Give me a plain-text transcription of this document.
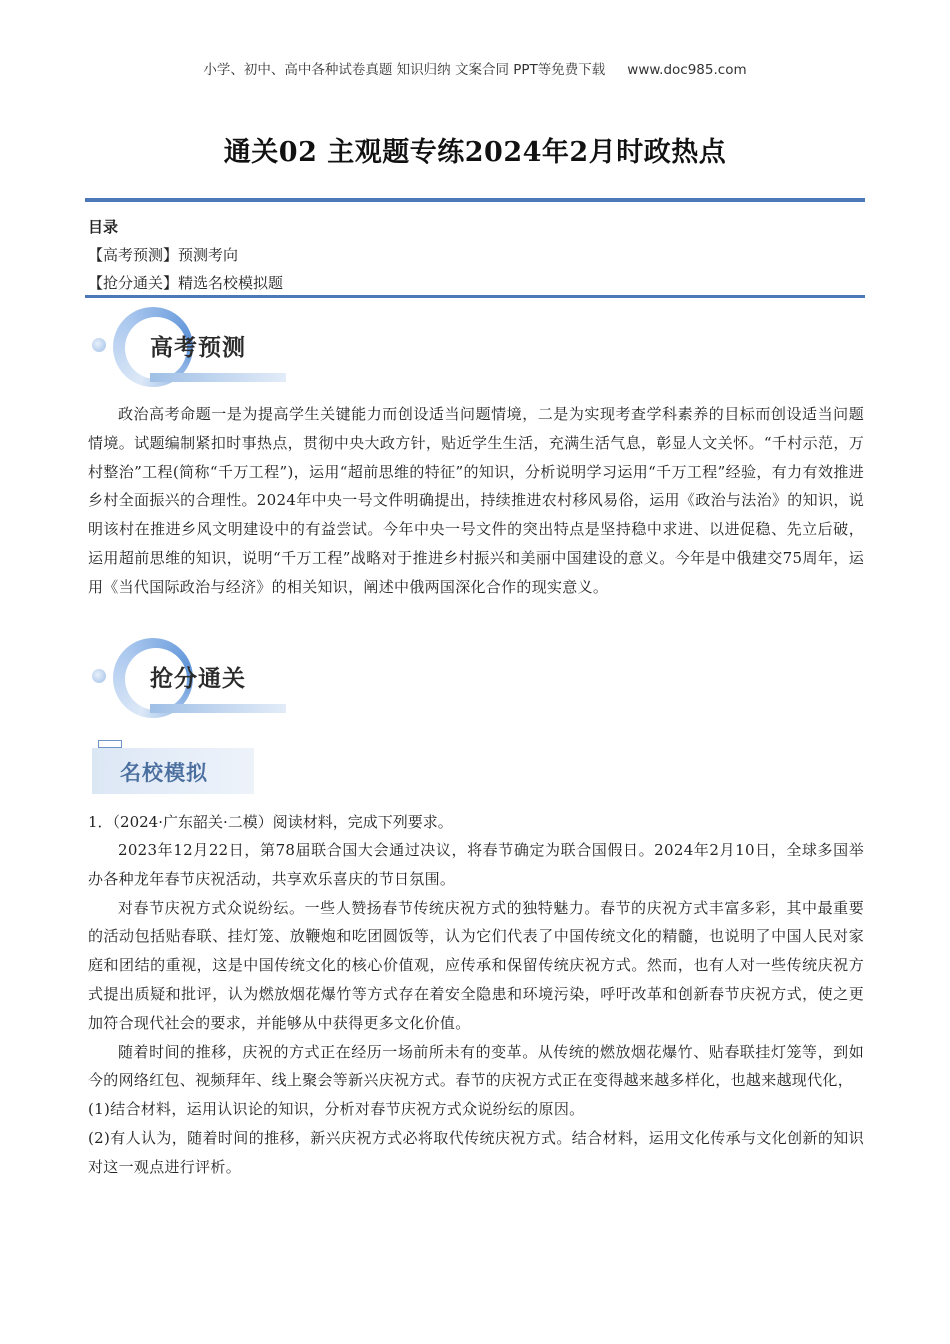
小学、初中、高中各种试卷真题 知识归纳 文案合同 PPT等免费下载 www.doc985.com
通关02 主观题专练2024年2月时政热点
目录
【高考预测】预测考向
【抢分通关】精选名校模拟题
高考预测
政治高考命题一是为提高学生关键能力而创设适当问题情境，二是为实现考查学科素养的目标而创设适当问题情境。试题编制紧扣时事热点，贯彻中央大政方针，贴近学生生活，充满生活气息，彰显人文关怀。“千村示范，万村整治”工程(简称“千万工程”)，运用“超前思维的特征”的知识，分析说明学习运用“千万工程”经验，有力有效推进乡村全面振兴的合理性。2024年中央一号文件明确提出，持续推进农村移风易俗，运用《政治与法治》的知识，说明该村在推进乡风文明建设中的有益尝试。今年中央一号文件的突出特点是坚持稳中求进、以进促稳、先立后破，运用超前思维的知识，说明“千万工程”战略对于推进乡村振兴和美丽中国建设的意义。今年是中俄建交75周年，运用《当代国际政治与经济》的相关知识，阐述中俄两国深化合作的现实意义。
抢分通关
名校模拟
1．（2024·广东韶关·二模）阅读材料，完成下列要求。

2023年12月22日，第78届联合国大会通过决议，将春节确定为联合国假日。2024年2月10日，全球多国举办各种龙年春节庆祝活动，共享欢乐喜庆的节日氛围。

对春节庆祝方式众说纷纭。一些人赞扬春节传统庆祝方式的独特魅力。春节的庆祝方式丰富多彩，其中最重要的活动包括贴春联、挂灯笼、放鞭炮和吃团圆饭等，认为它们代表了中国传统文化的精髓，也说明了中国人民对家庭和团结的重视，这是中国传统文化的核心价值观，应传承和保留传统庆祝方式。然而，也有人对一些传统庆祝方式提出质疑和批评，认为燃放烟花爆竹等方式存在着安全隐患和环境污染，呼吁改革和创新春节庆祝方式，使之更加符合现代社会的要求，并能够从中获得更多文化价值。

随着时间的推移，庆祝的方式正在经历一场前所未有的变革。从传统的燃放烟花爆竹、贴春联挂灯笼等，到如今的网络红包、视频拜年、线上聚会等新兴庆祝方式。春节的庆祝方式正在变得越来越多样化，也越来越现代化，

(1)结合材料，运用认识论的知识，分析对春节庆祝方式众说纷纭的原因。

(2)有人认为，随着时间的推移，新兴庆祝方式必将取代传统庆祝方式。结合材料，运用文化传承与文化创新的知识对这一观点进行评析。
